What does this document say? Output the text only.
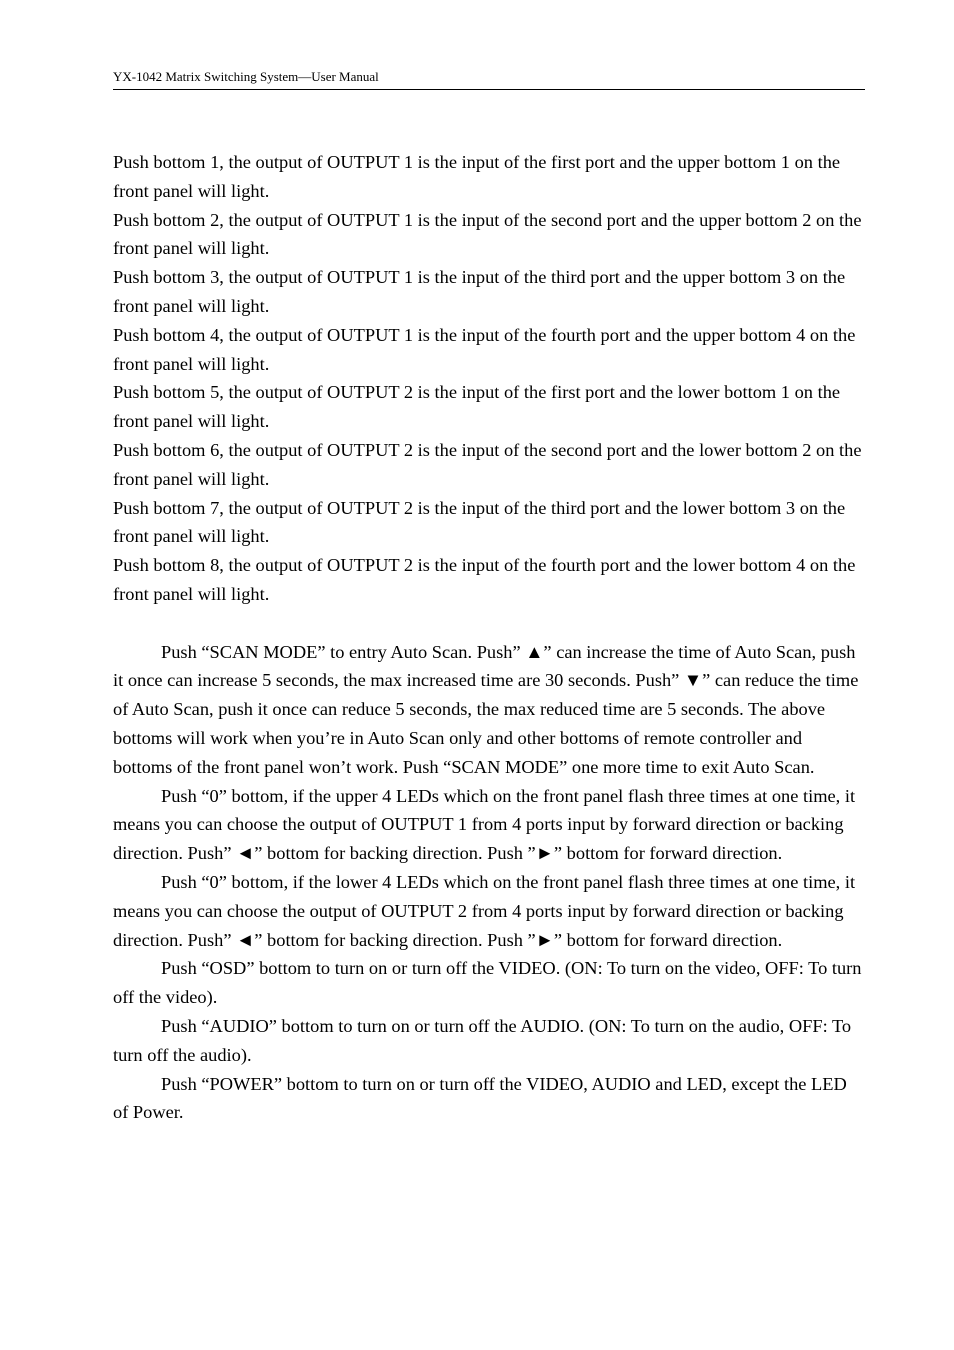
YX-1042 Matrix Switching System—User Manual

Push bottom 1, the output of OUTPUT 1 is the input of the first port and the upper bottom 1 on the front panel will light.

Push bottom 2, the output of OUTPUT 1 is the input of the second port and the upper bottom 2 on the front panel will light.

Push bottom 3, the output of OUTPUT 1 is the input of the third port and the upper bottom 3 on the front panel will light.

Push bottom 4, the output of OUTPUT 1 is the input of the fourth port and the upper bottom 4 on the front panel will light.

Push bottom 5, the output of OUTPUT 2 is the input of the first port and the lower bottom 1 on the front panel will light.

Push bottom 6, the output of OUTPUT 2 is the input of the second port and the lower bottom 2 on the front panel will light.

Push bottom 7, the output of OUTPUT 2 is the input of the third port and the lower bottom 3 on the front panel will light.

Push bottom 8, the output of OUTPUT 2 is the input of the fourth port and the lower bottom 4 on the front panel will light.

Push “SCAN MODE” to entry Auto Scan. Push” ▲” can increase the time of Auto Scan, push it once can increase 5 seconds, the max increased time are 30 seconds. Push” ▼” can reduce the time of Auto Scan, push it once can reduce 5 seconds, the max reduced time are 5 seconds. The above bottoms will work when you’re in Auto Scan only and other bottoms of remote controller and bottoms of the front panel won’t work. Push “SCAN MODE” one more time to exit Auto Scan.

Push “0” bottom, if the upper 4 LEDs which on the front panel flash three times at one time, it means you can choose the output of OUTPUT 1 from 4 ports input by forward direction or backing direction. Push” ◄” bottom for backing direction. Push ”►” bottom for forward direction.

Push “0” bottom, if the lower 4 LEDs which on the front panel flash three times at one time, it means you can choose the output of OUTPUT 2 from 4 ports input by forward direction or backing direction. Push” ◄” bottom for backing direction. Push ”►” bottom for forward direction.

Push “OSD” bottom to turn on or turn off the VIDEO. (ON: To turn on the video, OFF: To turn off the video).

Push “AUDIO” bottom to turn on or turn off the AUDIO. (ON: To turn on the audio, OFF: To turn off the audio).

Push “POWER” bottom to turn on or turn off the VIDEO, AUDIO and LED, except the LED of Power.
